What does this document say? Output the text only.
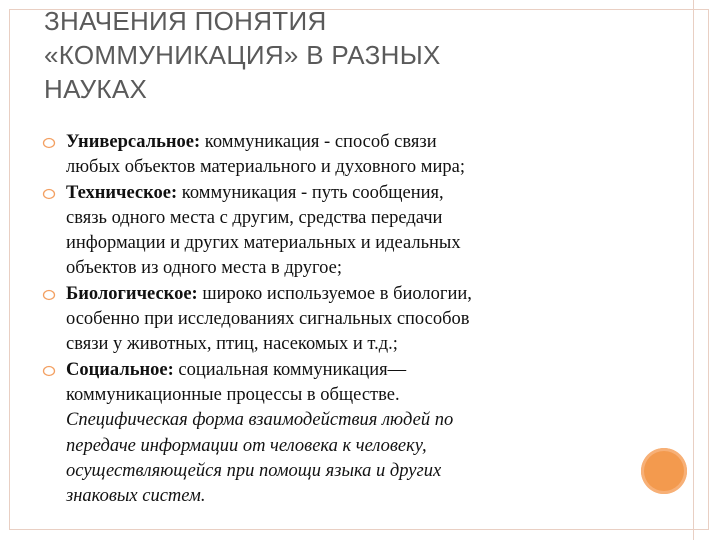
ЗНАЧЕНИЯ ПОНЯТИЯ
«КОММУНИКАЦИЯ» В РАЗНЫХ
НАУКАХ
Универсальное: коммуникация - способ связи
любых объектов материального и духовного мира;
Техническое: коммуникация - путь сообщения,
связь одного места с другим, средства передачи
информации и других материальных и идеальных
объектов из одного места в другое;
Биологическое: широко используемое в биологии,
особенно при исследованиях сигнальных способов
связи у животных, птиц, насекомых и т.д.;
Социальное: социальная коммуникация—
коммуникационные процессы в обществе.
Специфическая форма взаимодействия людей по
передаче информации от человека к человеку,
осуществляющейся при помощи языка и других
знаковых систем.
